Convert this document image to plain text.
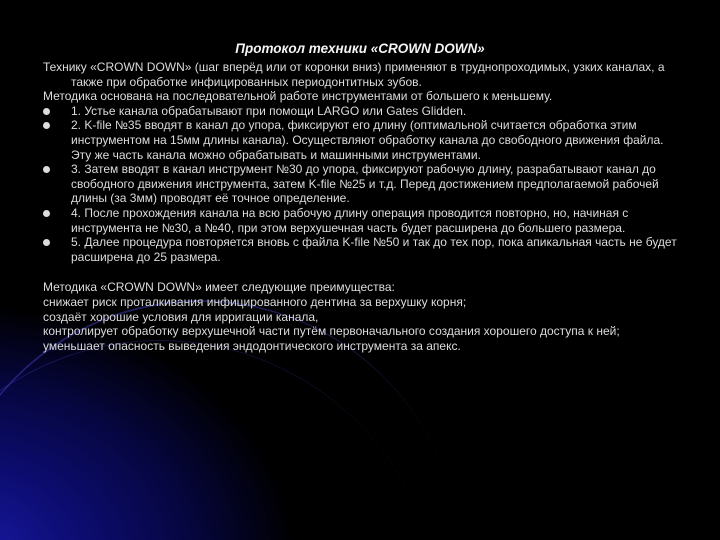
Протокол техники «CROWN DOWN»

Технику «CROWN DOWN» (шаг вперёд или от коронки вниз) применяют в труднопроходимых, узких каналах, а также при обработке инфицированных периодонтитных зубов.

Методика основана на последовательной работе инструментами от большего к меньшему.

1. Устье канала обрабатывают при помощи LARGO или Gates Glidden.
2. K-file №35 вводят в канал до упора, фиксируют его длину (оптимальной считается обработка этим инструментом на 15мм длины канала). Осуществляют обработку канала до свободного движения файла. Эту же часть канала можно обрабатывать и машинными инструментами.
3. Затем вводят в канал инструмент №30 до упора, фиксируют рабочую длину, разрабатывают канал до свободного движения инструмента, затем K-file №25 и т.д. Перед достижением предполагаемой рабочей длины (за 3мм) проводят её точное определение.
4. После прохождения канала на всю рабочую длину операция проводится повторно, но, начиная с инструмента не №30, а №40, при этом верхушечная часть будет расширена до большего размера.
5. Далее процедура повторяется вновь с файла K-file №50 и так до тех пор, пока апикальная часть не будет расширена до 25 размера.

Методика «CROWN DOWN» имеет следующие преимущества:

снижает риск проталкивания инфицированного дентина за верхушку корня;
создаёт хорошие условия для ирригации канала,
контролирует обработку верхушечной части путём первоначального создания хорошего доступа к ней;
уменьшает опасность выведения эндодонтического инструмента за апекс.
